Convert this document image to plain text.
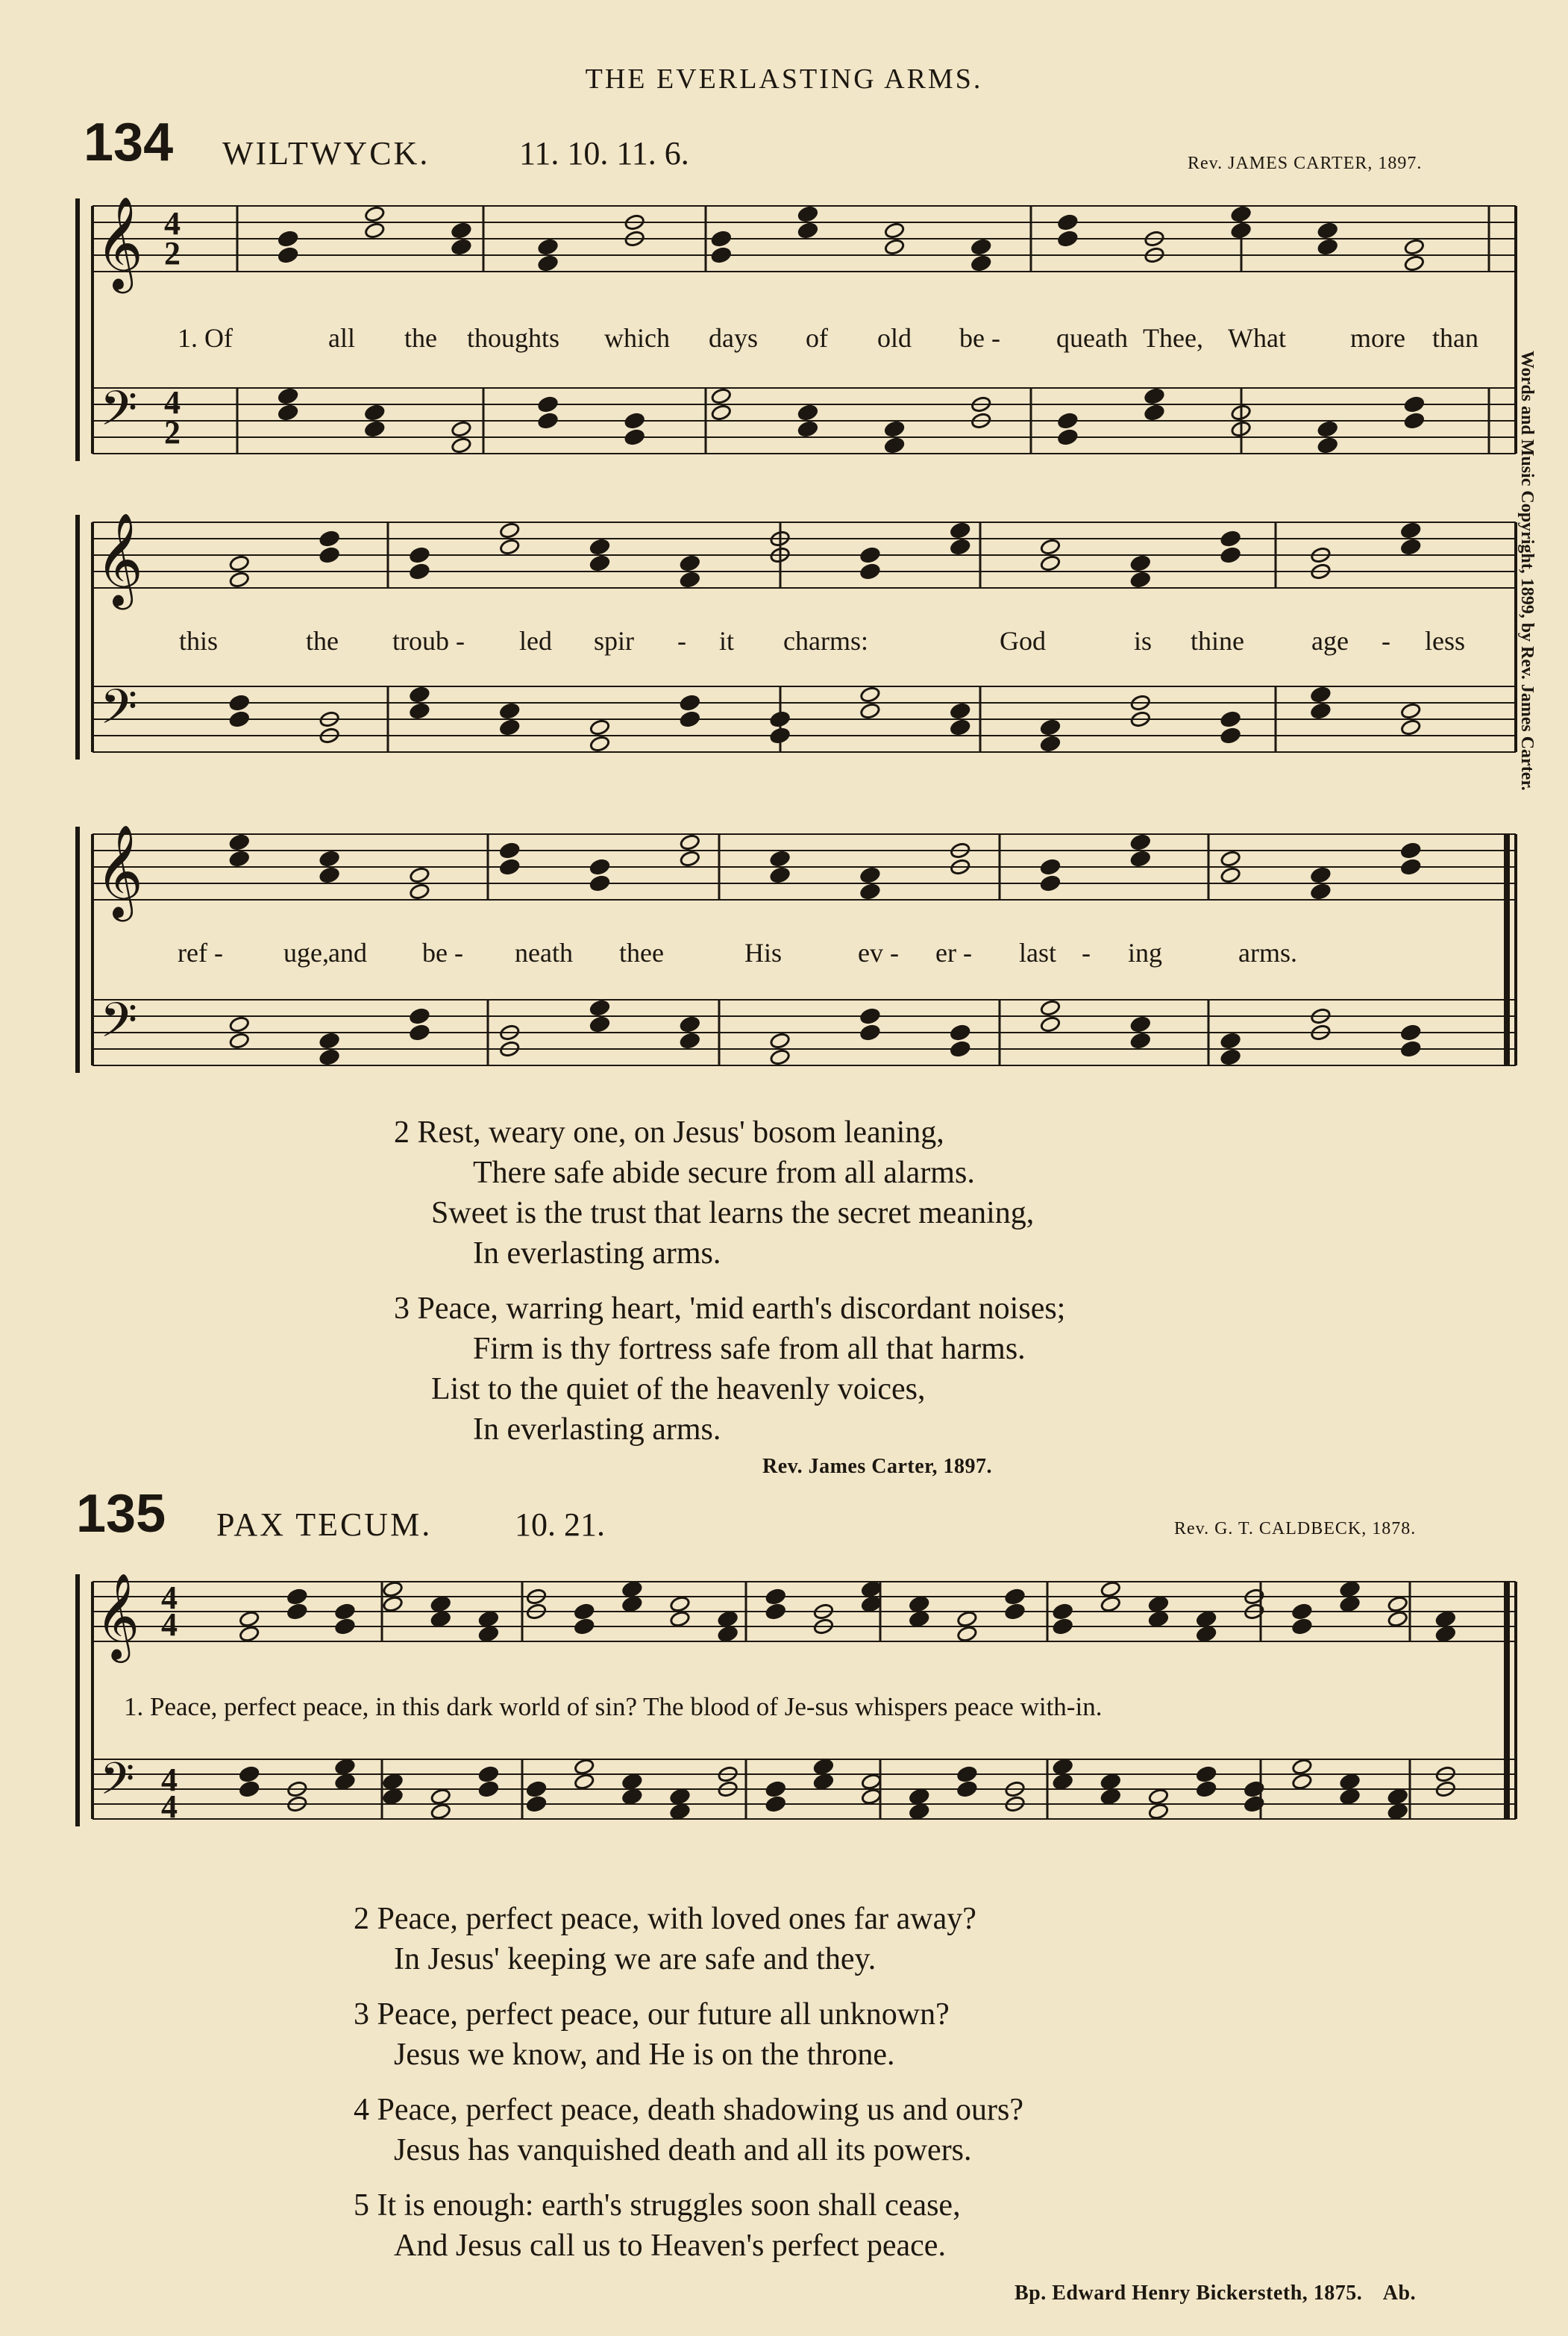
THE EVERLASTING ARMS.
134 WILTWYCK.	11. 10. 11. 6.	Rev. JAMES CARTER, 1897.
𝄞
𝄢
𝄞
𝄢
𝄞
𝄢
𝄞
𝄢
4
2
4
2
1. Of	all the thoughts which days of old be - queath Thee, What more than
this	the troub - led spir - it charms:	God	is thine	age - less
ref - uge, and be - neath thee	His	ev - er - last - ing	arms.
Words and Music Copyright, 1899, by Rev. James Carter.
2 Rest, weary one, on Jesus' bosom leaning,
There safe abide secure from all alarms.
Sweet is the trust that learns the secret meaning,
In everlasting arms.
3 Peace, warring heart, 'mid earth's discordant noises;
Firm is thy fortress safe from all that harms.
List to the quiet of the heavenly voices,
In everlasting arms.
Rev. James Carter, 1897.
135 PAX TECUM.	10. 21.	Rev. G. T. CALDBECK, 1878.
4
4
4
4
1. Peace, perfect peace, in this dark world of sin? The blood of Je-sus whispers peace with-in.
2 Peace, perfect peace, with loved ones far away?
In Jesus' keeping we are safe and they.
3 Peace, perfect peace, our future all unknown?
Jesus we know, and He is on the throne.
4 Peace, perfect peace, death shadowing us and ours?
Jesus has vanquished death and all its powers.
5 It is enough: earth's struggles soon shall cease,
And Jesus call us to Heaven's perfect peace.
Bp. Edward Henry Bickersteth, 1875. Ab.
